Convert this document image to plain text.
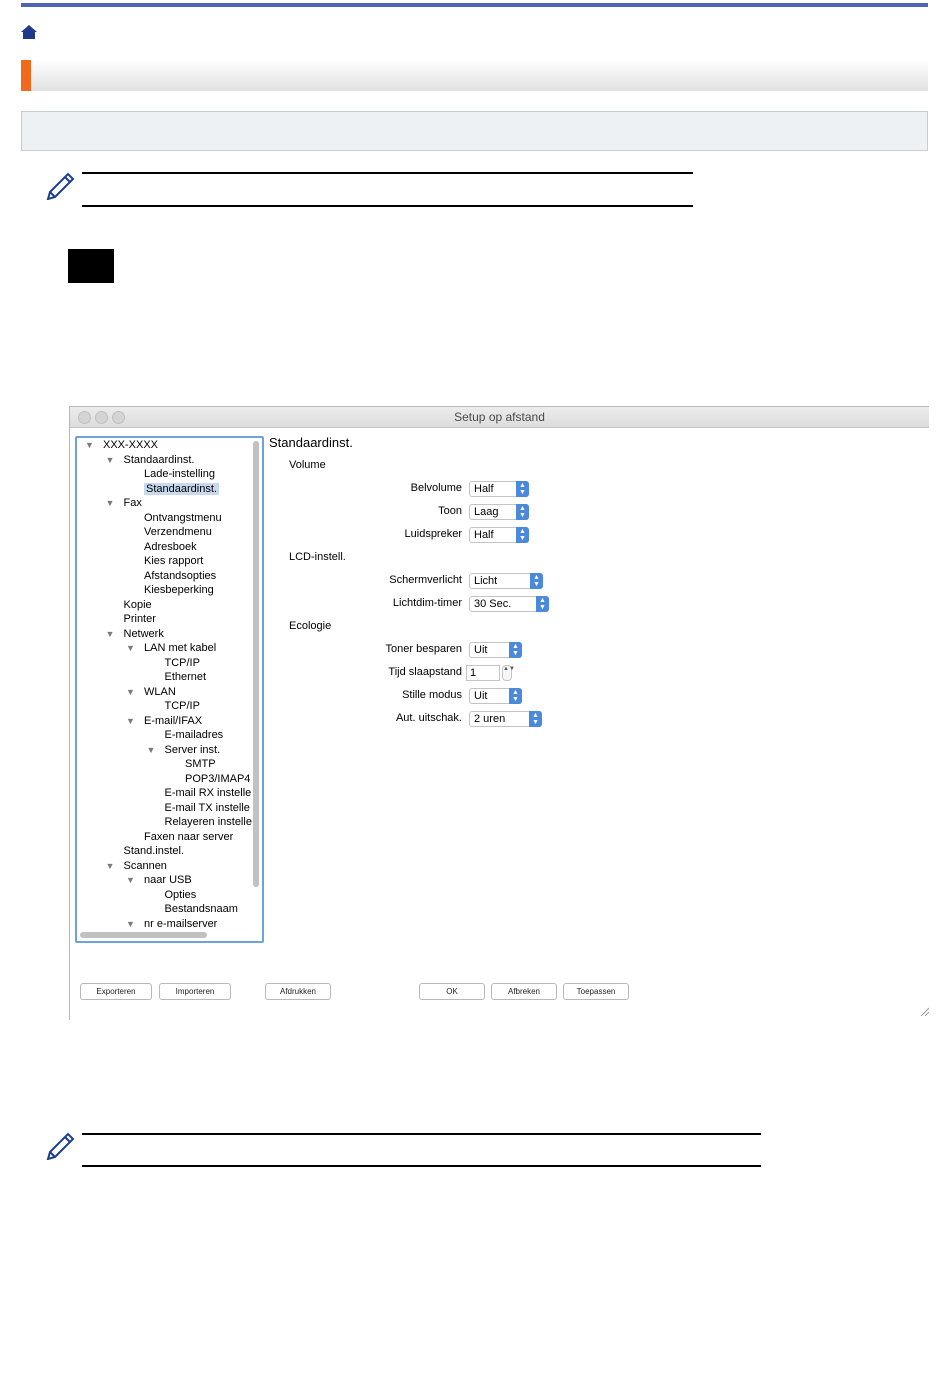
Setup op afstand
▼ XXX-XXXX
▼ Standaardinst.
Lade-instelling
Standaardinst.
▼ Fax
Ontvangstmenu
Verzendmenu
Adresboek
Kies rapport
Afstandsopties
Kiesbeperking
Kopie
Printer
▼ Netwerk
▼ LAN met kabel
TCP/IP
Ethernet
▼ WLAN
TCP/IP
▼ E-mail/IFAX
E-mailadres
▼ Server inst.
SMTP
POP3/IMAP4
E-mail RX instelle
E-mail TX instelle
Relayeren instelle
Faxen naar server
Stand.instel.
▼ Scannen
▼ naar USB
Opties
Bestandsnaam
▼ nr e-mailserver
Standaardinst.
Volume
LCD-instell.
Ecologie
Belvolume	Half	▲
▼
Toon	Laag	▲
▼
Luidspreker	Half	▲
▼
Schermverlicht	Licht	▲
▼
Lichtdim-timer	30 Sec.	▲
▼
Toner besparen	Uit	▲
▼
Tijd slaapstand 1	▲▼
Stille modus	Uit	▲
▼
Aut. uitschak.	2 uren	▲
▼
Exporteren	Importeren	Afdrukken	OK	Afbreken	Toepassen
